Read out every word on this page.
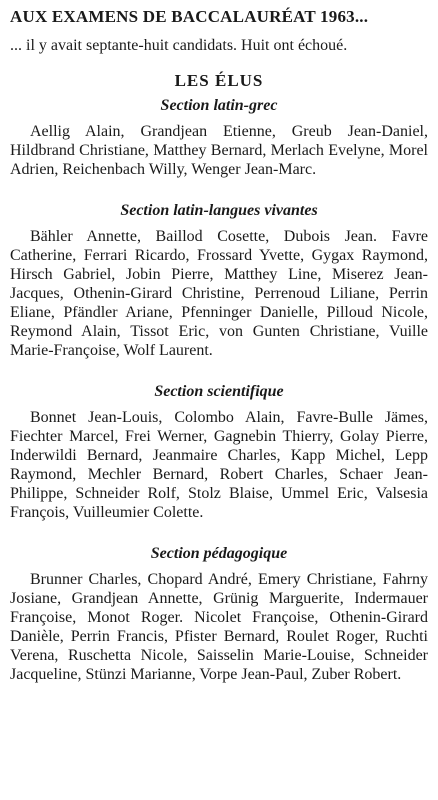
AUX EXAMENS DE BACCALAURÉAT 1963...

... il y avait septante-huit candidats. Huit ont échoué.

LES ÉLUS
Section latin-grec

Aellig Alain, Grandjean Etienne, Greub Jean-Daniel, Hildbrand Christiane, Matthey Bernard, Merlach Evelyne, Morel Adrien, Reichenbach Willy, Wenger Jean-Marc.

Section latin-langues vivantes

Bähler Annette, Baillod Cosette, Dubois Jean. Favre Catherine, Ferrari Ricardo, Frossard Yvette, Gygax Raymond, Hirsch Gabriel, Jobin Pierre, Matthey Line, Miserez Jean-Jacques, Othenin-Girard Christine, Perrenoud Liliane, Perrin Eliane, Pfändler Ariane, Pfenninger Danielle, Pilloud Nicole, Reymond Alain, Tissot Eric, von Gunten Christiane, Vuille Marie-Françoise, Wolf Laurent.

Section scientifique

Bonnet Jean-Louis, Colombo Alain, Favre-Bulle Jämes, Fiechter Marcel, Frei Werner, Gagnebin Thierry, Golay Pierre, Inderwildi Bernard, Jeanmaire Charles, Kapp Michel, Lepp Raymond, Mechler Bernard, Robert Charles, Schaer Jean-Philippe, Schneider Rolf, Stolz Blaise, Ummel Eric, Valsesia François, Vuilleumier Colette.

Section pédagogique

Brunner Charles, Chopard André, Emery Christiane, Fahrny Josiane, Grandjean Annette, Grünig Marguerite, Indermauer Françoise, Monot Roger. Nicolet Françoise, Othenin-Girard Danièle, Perrin Francis, Pfister Bernard, Roulet Roger, Ruchti Verena, Ruschetta Nicole, Saisselin Marie-Louise, Schneider Jacqueline, Stünzi Marianne, Vorpe Jean-Paul, Zuber Robert.
